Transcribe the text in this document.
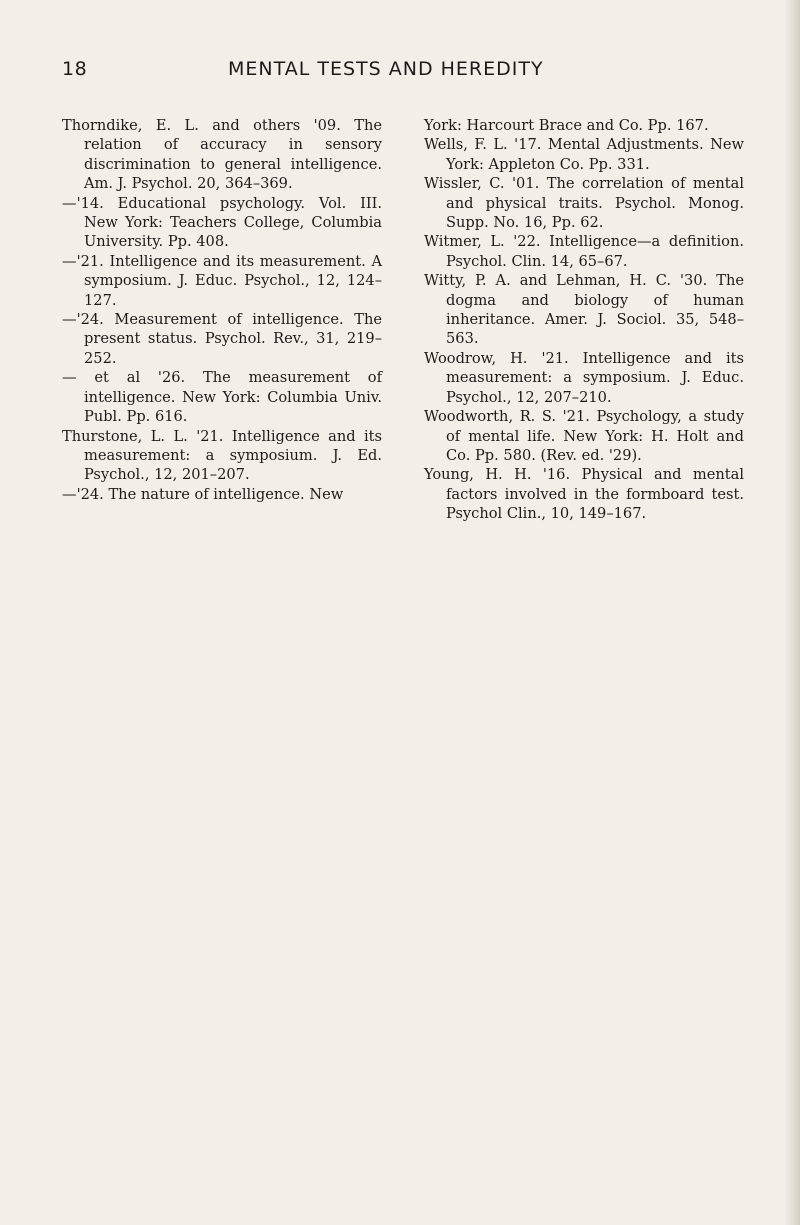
18	MENTAL TESTS AND HEREDITY

Thorndike, E. L. and others '09. The relation of accuracy in sensory discrimination to general intelligence. Am. J. Psychol. 20, 364–369.

—'14. Educational psychology. Vol. III. New York: Teachers College, Columbia University. Pp. 408.

—'21. Intelligence and its measurement. A symposium. J. Educ. Psychol., 12, 124–127.

—'24. Measurement of intelligence. The present status. Psychol. Rev., 31, 219–252.

— et al '26. The measurement of intelligence. New York: Columbia Univ. Publ. Pp. 616.

Thurstone, L. L. '21. Intelligence and its measurement: a symposium. J. Ed. Psychol., 12, 201–207.

—'24. The nature of intelligence. New

York: Harcourt Brace and Co. Pp. 167.

Wells, F. L. '17. Mental Adjustments. New York: Appleton Co. Pp. 331.

Wissler, C. '01. The correlation of mental and physical traits. Psychol. Monog. Supp. No. 16, Pp. 62.

Witmer, L. '22. Intelligence—a definition. Psychol. Clin. 14, 65–67.

Witty, P. A. and Lehman, H. C. '30. The dogma and biology of human inheritance. Amer. J. Sociol. 35, 548–563.

Woodrow, H. '21. Intelligence and its measurement: a symposium. J. Educ. Psychol., 12, 207–210.

Woodworth, R. S. '21. Psychology, a study of mental life. New York: H. Holt and Co. Pp. 580. (Rev. ed. '29).

Young, H. H. '16. Physical and mental factors involved in the formboard test. Psychol Clin., 10, 149–167.
